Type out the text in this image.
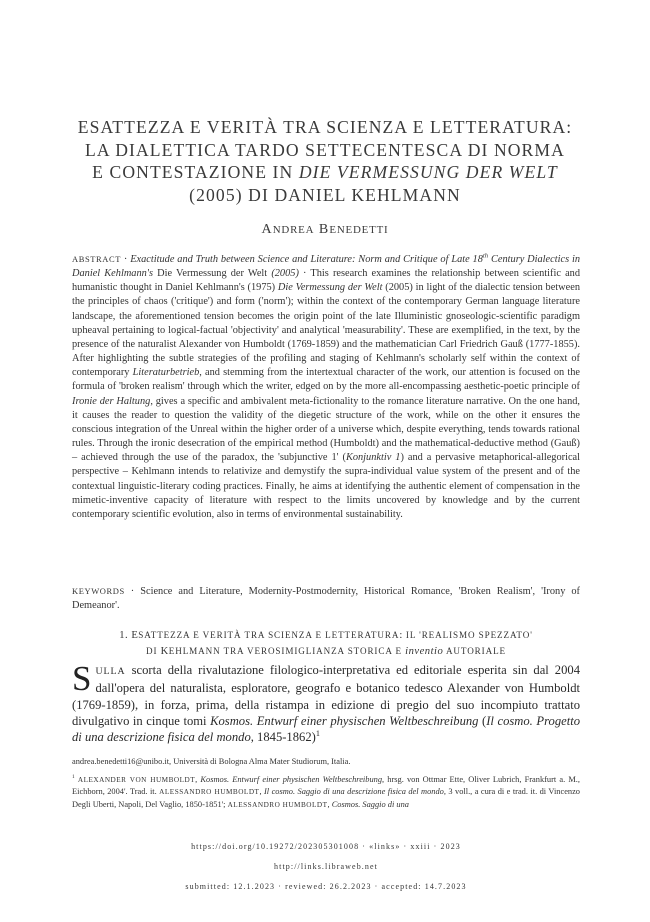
ESATTEZZA E VERITÀ TRA SCIENZA E LETTERATURA:
LA DIALETTICA TARDO SETTECENTESCA DI NORMA
E CONTESTAZIONE IN DIE VERMESSUNG DER WELT
(2005) DI DANIEL KEHLMANN
ANDREA BENEDETTI
ABSTRACT · Exactitude and Truth between Science and Literature: Norm and Critique of Late 18th Century Dialectics in Daniel Kehlmann's Die Vermessung der Welt (2005) · This research examines the relationship between scientific and humanistic thought in Daniel Kehlmann's (1975) Die Vermessung der Welt (2005) in light of the dialectic tension between the principles of chaos ('critique') and form ('norm'); within the context of the contemporary German language literature landscape, the aforementioned tension becomes the origin point of the late Illuministic gnoseologic-scientific paradigm upheaval pertaining to logical-factual 'objectivity' and analytical 'measurability'. These are exemplified, in the text, by the presence of the naturalist Alexander von Humboldt (1769-1859) and the mathematician Carl Friedrich Gauß (1777-1855). After highlighting the subtle strategies of the profiling and staging of Kehlmann's scholarly self within the context of contemporary Literaturbetrieb, and stemming from the intertextual character of the work, our attention is focused on the formula of 'broken realism' through which the writer, edged on by the more all-encompassing aesthetic-poetic principle of Ironie der Haltung, gives a specific and ambivalent meta-fictionality to the romance literature narrative. On the one hand, it causes the reader to question the validity of the diegetic structure of the work, while on the other it ensures the conscious integration of the Unreal within the higher order of a universe which, despite everything, tends towards rational rules. Through the ironic desecration of the empirical method (Humboldt) and the mathematical-deductive method (Gauß) – achieved through the use of the paradox, the 'subjunctive 1' (Konjunktiv 1) and a pervasive metaphorical-allegorical perspective – Kehlmann intends to relativize and demystify the supra-individual value system of the present and of the contextual linguistic-literary coding practices. Finally, he aims at identifying the authentic element of compensation in the mimetic-inventive capacity of literature with respect to the limits uncovered by knowledge and by the current contemporary scientific evolution, also in terms of environmental sustainability.
KEYWORDS · Science and Literature, Modernity-Postmodernity, Historical Romance, 'Broken Realism', 'Irony of Demeanor'.
1. ESATTEZZA E VERITÀ TRA SCIENZA E LETTERATURA: IL 'REALISMO SPEZZATO'
DI KEHLMANN TRA VEROSIMIGLIANZA STORICA E inventio AUTORIALE
SULLA scorta della rivalutazione filologico-interpretativa ed editoriale esperita sin dal 2004 dall'opera del naturalista, esploratore, geografo e botanico tedesco Alexander von Humboldt (1769-1859), in forza, prima, della ristampa in edizione di pregio del suo incompiuto trattato divulgativo in cinque tomi Kosmos. Entwurf einer physischen Weltbeschreibung (Il cosmo. Progetto di una descrizione fisica del mondo, 1845-1862)$^1$
andrea.benedetti16@unibo.it, Università di Bologna Alma Mater Studiorum, Italia.
$^1$ ALEXANDER VON HUMBOLDT, Kosmos. Entwurf einer physischen Weltbeschreibung, hrsg. von Ottmar Ette, Oliver Lubrich, Frankfurt a. M., Eichborn, 2004'. Trad. it. ALESSANDRO HUMBOLDT, Il cosmo. Saggio di una descrizione fisica del mondo, 3 voll., a cura di e trad. it. di Vincenzo Degli Uberti, Napoli, Del Vaglio, 1850-1851'; ALESSANDRO HUMBOLDT, Cosmos. Saggio di una
https://doi.org/10.19272/202305301008 · «links» · xxiii · 2023
http://links.libraweb.net
submitted: 12.1.2023 · reviewed: 26.2.2023 · accepted: 14.7.2023
